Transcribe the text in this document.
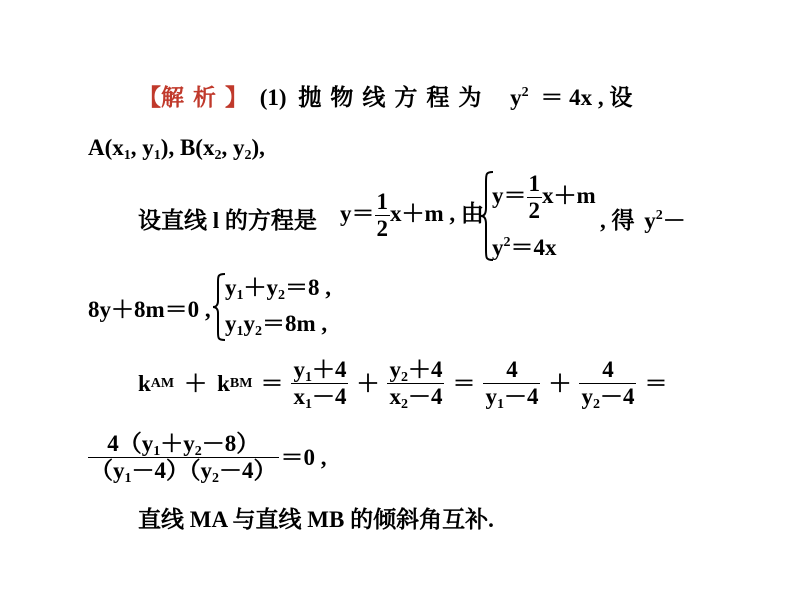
【解析】 (1) 抛物线方程为 $y^2 = 4x$ , 设
$A(x_1$, $y_1$), $B(x_2$, $y_2$),
设直线 l 的方程是 $y= \frac{1}{2} x+m$ , 由
$y= \frac{1}{2} x+m$
$y^2=4x$
, 得 $y^2-$
8y＋8m＝0 ,
$y_1+y_2=8$ ,
$y_1y_2=8m$ ,
k AM ＋ k BM ＝ $\frac{y_1+4}{x_1-4} + \frac{y_2+4}{x_2-4} = \frac{4}{y_1-4} + \frac{4}{y_2-4}$ ＝
$\frac{4(y_1+y_2-8)}{(y_1-4)(y_2-4)} =0$ ,
直线 MA 与直线 MB 的倾斜角互补.
